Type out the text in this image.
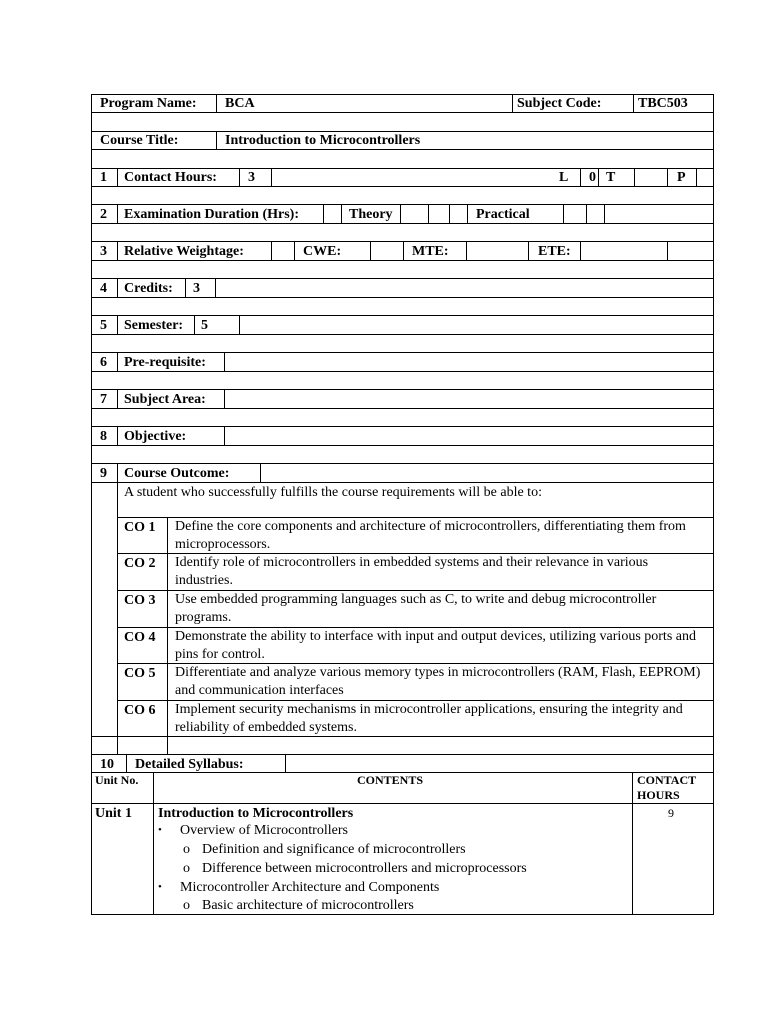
Program Name: BCA	Subject Code:	TBC503
Course Title:	Introduction to Microcontrollers
1 Contact Hours: 3	L 0 T	P
2 Examination Duration (Hrs):	Theory	Practical
3 Relative Weightage:	CWE:	MTE:	ETE:
4 Credits: 3
5 Semester: 5
6 Pre-requisite:
7 Subject Area:
8 Objective:
9 Course Outcome:
A student who successfully fulfills the course requirements will be able to:
CO 1 Define the core components and architecture of microcontrollers, differentiating them from microprocessors.
CO 2 Identify role of microcontrollers in embedded systems and their relevance in various industries.
CO 3 Use embedded programming languages such as C, to write and debug microcontroller programs.
CO 4 Demonstrate the ability to interface with input and output devices, utilizing various ports and pins for control.
CO 5 Differentiate and analyze various memory types in microcontrollers (RAM, Flash, EEPROM) and communication interfaces
CO 6 Implement security mechanisms in microcontroller applications, ensuring the integrity and reliability of embedded systems.
10 Detailed Syllabus:
Unit No.	CONTENTS	CONTACT
HOURS
Unit 1 Introduction to Microcontrollers	9
• Overview of Microcontrollers
o Definition and significance of microcontrollers
o Difference between microcontrollers and microprocessors
• Microcontroller Architecture and Components
o Basic architecture of microcontrollers
